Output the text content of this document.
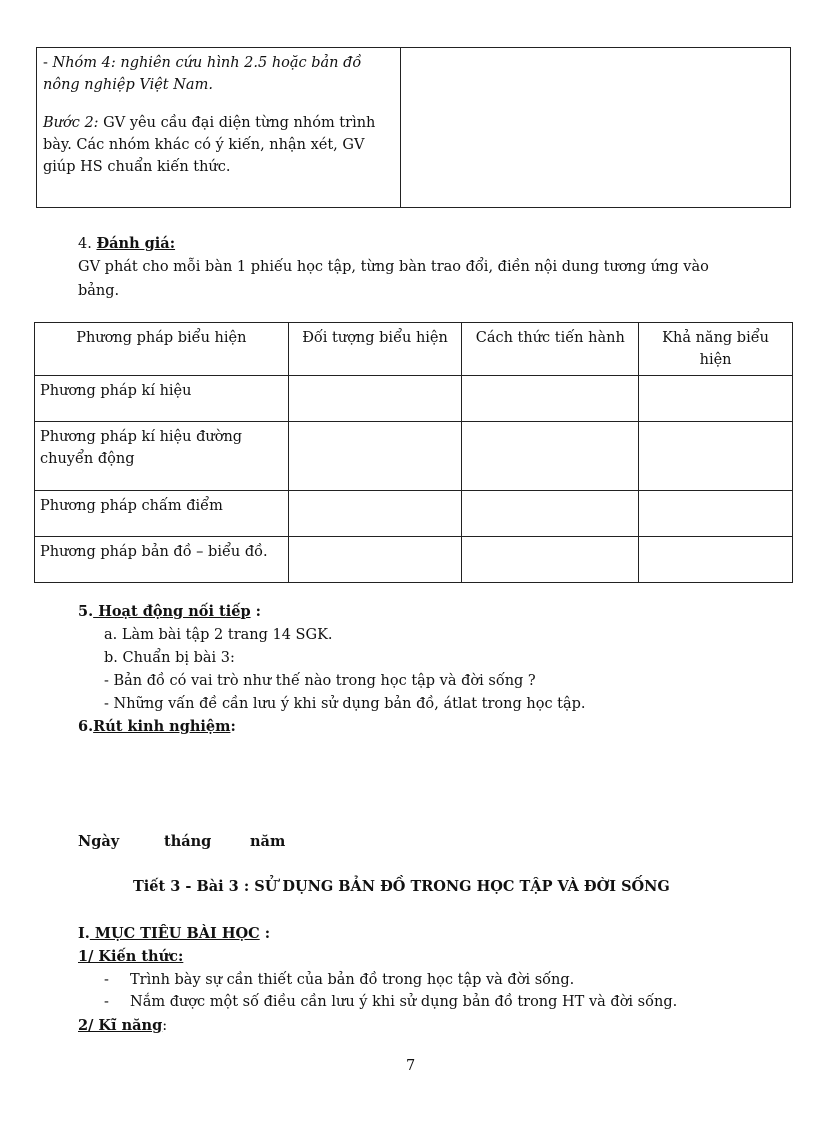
- Nhóm 4: nghiên cứu hình 2.5 hoặc bản đồ
nông nghiệp Việt Nam.
Bước 2: GV yêu cầu đại diện từng nhóm trình
bày. Các nhóm khác có ý kiến, nhận xét, GV
giúp HS chuẩn kiến thức.

4. Đánh giá:
GV phát cho mỗi bàn 1 phiếu học tập, từng bàn trao đổi, điền nội dung tương ứng vào
bảng.
Phương pháp biểu hiện	Đối tượng biểu hiện	Cách thức tiến hành	Khả năng biểu hiện
Phương pháp kí hiệu			
Phương pháp kí hiệu đường chuyển động			
Phương pháp chấm điểm			
Phương pháp bản đồ – biểu đồ.			
5. Hoạt động nối tiếp :
a. Làm bài tập 2 trang 14 SGK.
b. Chuẩn bị bài 3:
- Bản đồ có vai trò như thế nào trong học tập và đời sống ?
- Những vấn đề cần lưu ý khi sử dụng bản đồ, átlat trong học tập.
6.Rút kinh nghiệm:
Ngày	tháng	năm
Tiết 3 - Bài 3 : SỬ DỤNG BẢN ĐỒ TRONG HỌC TẬP VÀ ĐỜI SỐNG
I. MỤC TIÊU BÀI HỌC :
1/ Kiến thức:
- Trình bày sự cần thiết của bản đồ trong học tập và đời sống.
- Nắm được một số điều cần lưu ý khi sử dụng bản đồ trong HT và đời sống.
2/ Kĩ năng:
7
